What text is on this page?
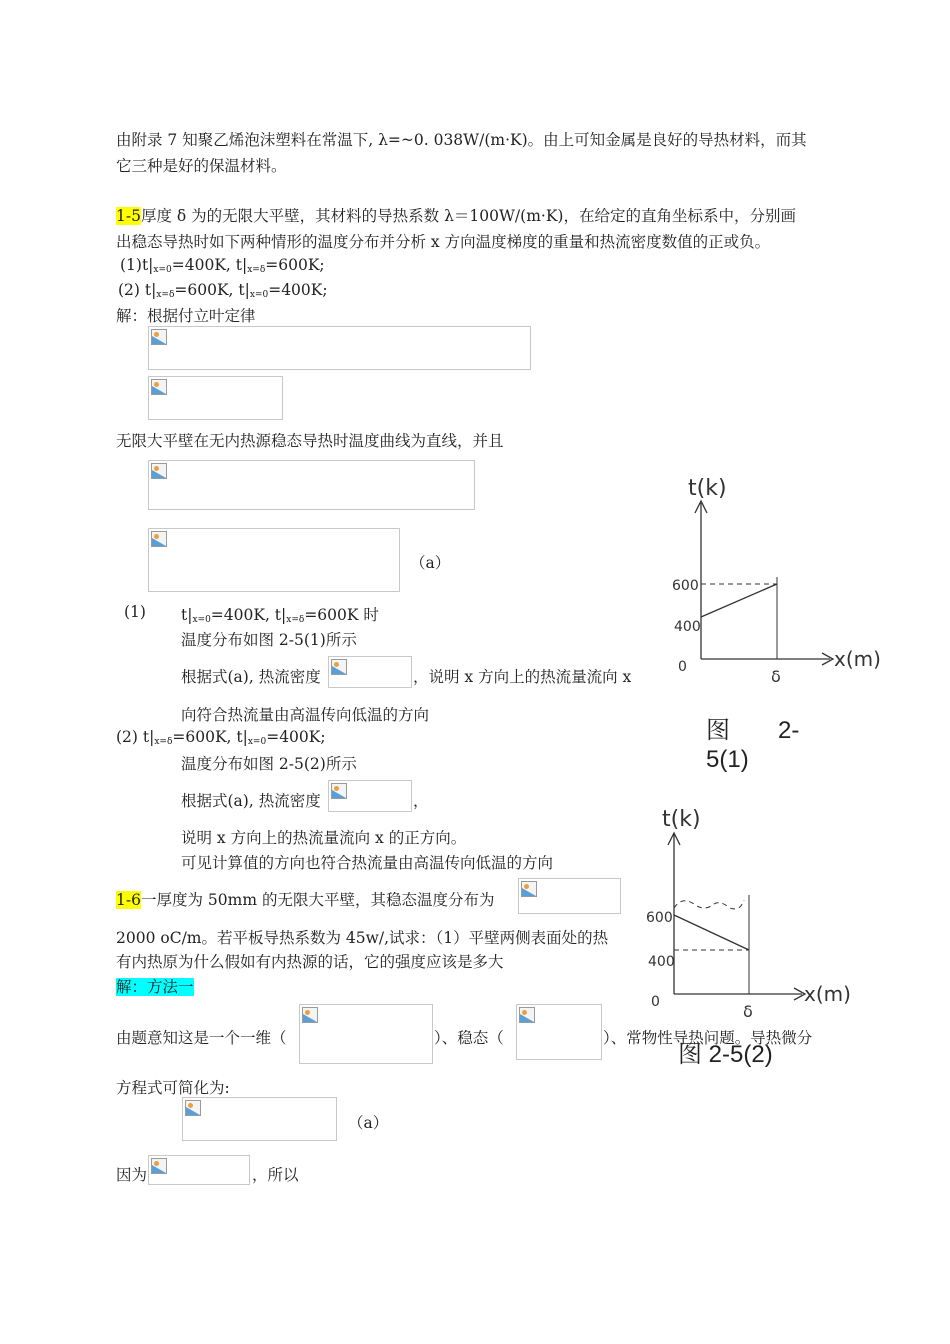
由附录 7 知聚乙烯泡沫塑料在常温下, λ=~0. 038W/(m·K)。由上可知金属是良好的导热材料，而其
它三种是好的保温材料。
1-5厚度 δ 为的无限大平壁，其材料的导热系数 λ＝100W/(m·K)，在给定的直角坐标系中，分别画
出稳态导热时如下两种情形的温度分布并分析 x 方向温度梯度的重量和热流密度数值的正或负。
$(1)t|_{x=0}=400K$, $t|_{x=\delta}=600K$;
(2) $t|_{x=\delta}=600K$, $t|_{x=0}=400K$;
解：根据付立叶定律
无限大平壁在无内热源稳态导热时温度曲线为直线，并且
（a）
(1) $t|_{x=0}=400K$, $t|_{x=\delta}=600K$ 时
温度分布如图 2-5(1)所示
根据式(a), 热流密度	，说明 x 方向上的热流量流向 x
向符合热流量由高温传向低温的方向
(2) $t|_{x=\delta}=600K$, $t|_{x=0}=400K$;
温度分布如图 2-5(2)所示
根据式(a), 热流密度	，
说明 x 方向上的热流量流向 x 的正方向。
可见计算值的方向也符合热流量由高温传向低温的方向
1-6一厚度为 50mm 的无限大平壁，其稳态温度分布为
2000 oC/m。若平板导热系数为 45w/,试求：（1）平壁两侧表面处的热
有内热原为什么假如有内热源的话，它的强度应该是多大
解：方法一
由题意知这是一个一维（	）、稳态（	）、常物性导热问题。导热微分
方程式可简化为:
（a）
因为	，所以
t(k)
x(m)
600
400
0	δ
图　　2-
5(1)
t(k)
x(m)
600
400
0	δ
图 2-5(2)
